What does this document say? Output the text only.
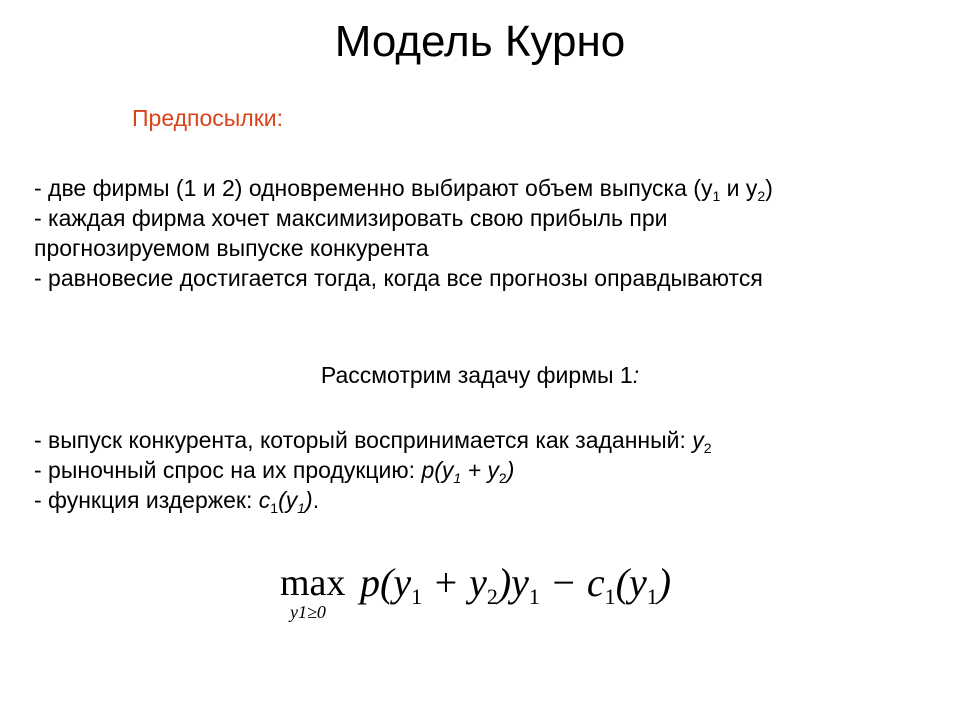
Модель Курно
Предпосылки:

- две фирмы (1 и 2) одновременно выбирают объем выпуска ($y_1$ и $y_2$)

- каждая фирма хочет максимизировать свою прибыль при

прогнозируемом выпуске конкурента

- равновесие достигается тогда, когда все прогнозы оправдываются

Рассмотрим задачу фирмы 1:

- выпуск конкурента, который воспринимается как заданный: $y_2$

- рыночный спрос на их продукцию: $p(y_1 + y_2)$

- функция издержек: $c_1(y_1)$.

max
y1≥0
$p(y_1 + y_2)y_1 - c_1(y_1)$
